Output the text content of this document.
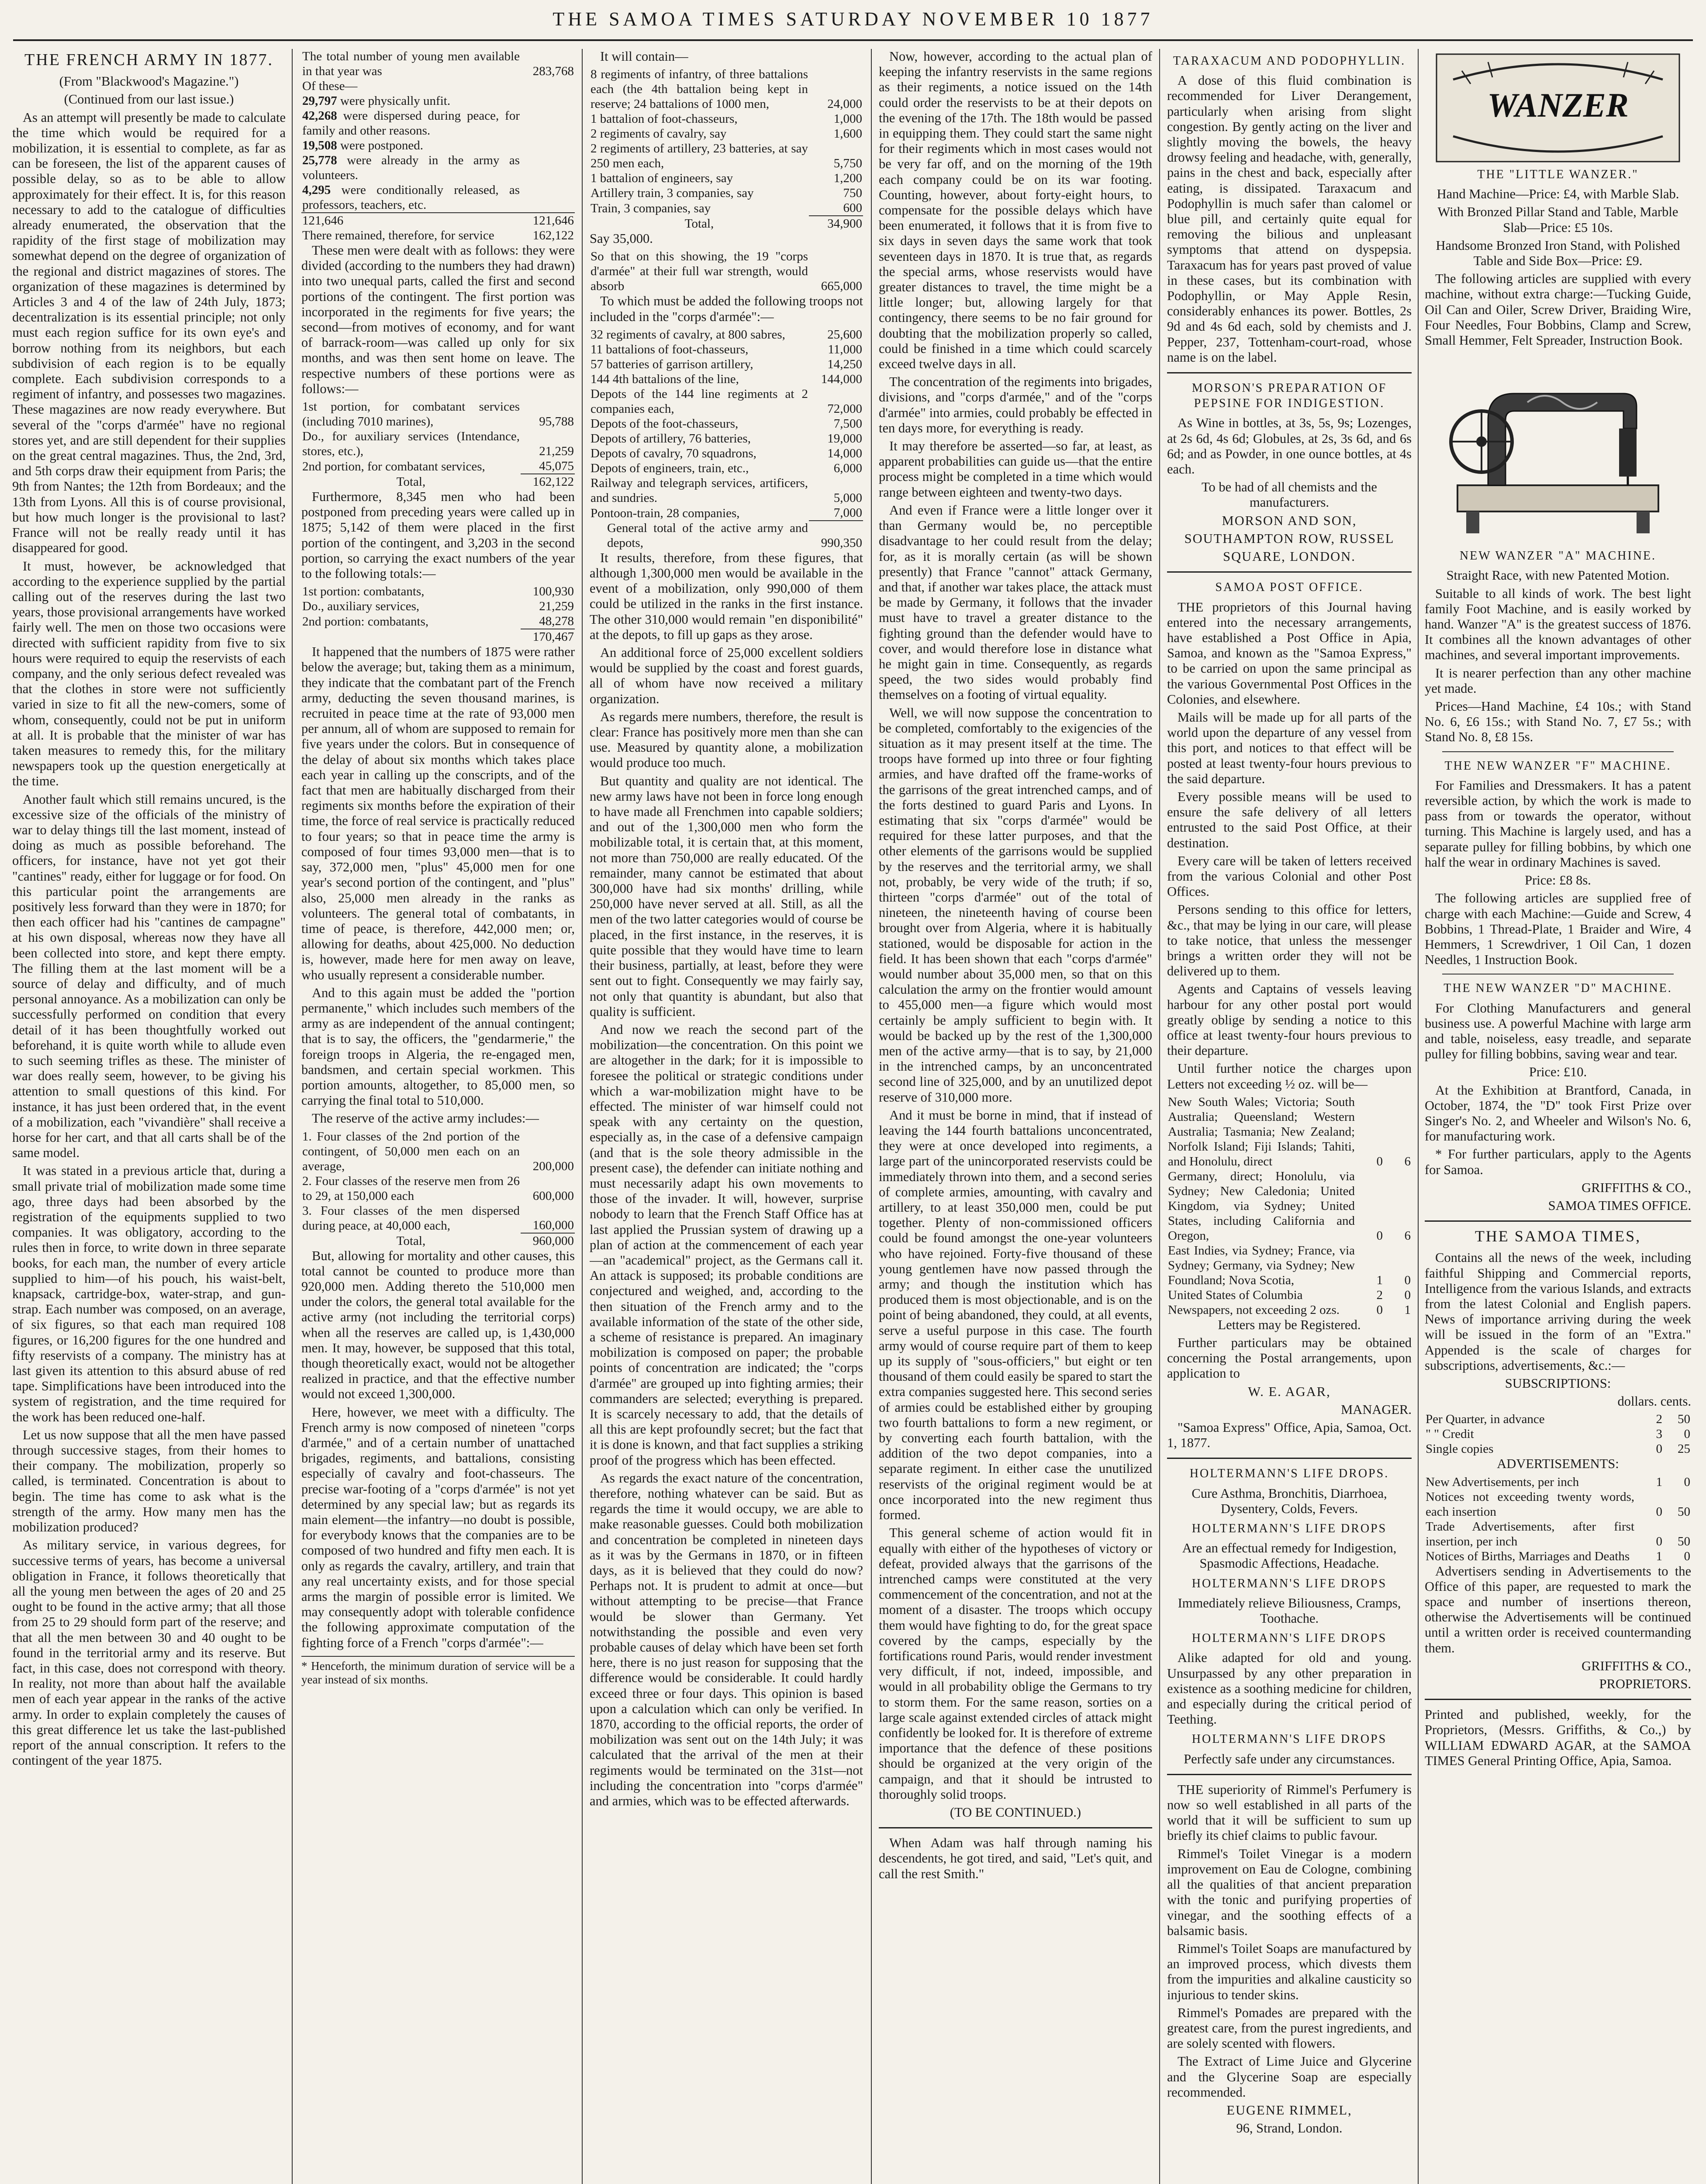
THE SAMOA TIMES SATURDAY NOVEMBER 10 1877
THE FRENCH ARMY IN 1877.

(From "Blackwood's Magazine.")

(Continued from our last issue.)

As an attempt will presently be made to calculate the time which would be required for a mobilization, it is essential to complete, as far as can be foreseen, the list of the apparent causes of possible delay, so as to be able to allow approximately for their effect. It is, for this reason necessary to add to the catalogue of difficulties already enumerated, the observation that the rapidity of the first stage of mobilization may somewhat depend on the degree of organization of the regional and district magazines of stores. The organization of these magazines is determined by Articles 3 and 4 of the law of 24th July, 1873; decentralization is its essential principle; not only must each region suffice for its own eye's and borrow nothing from its neighbors, but each subdivision of each region is to be equally complete. Each subdivision corresponds to a regiment of infantry, and possesses two magazines. These magazines are now ready everywhere. But several of the "corps d'armée" have no regional stores yet, and are still dependent for their supplies on the great central magazines. Thus, the 2nd, 3rd, and 5th corps draw their equipment from Paris; the 9th from Nantes; the 12th from Bordeaux; and the 13th from Lyons. All this is of course provisional, but how much longer is the provisional to last? France will not be really ready until it has disappeared for good.

It must, however, be acknowledged that according to the experience supplied by the partial calling out of the reserves during the last two years, those provisional arrangements have worked fairly well. The men on those two occasions were directed with sufficient rapidity from five to six hours were required to equip the reservists of each company, and the only serious defect revealed was that the clothes in store were not sufficiently varied in size to fit all the new-comers, some of whom, consequently, could not be put in uniform at all. It is probable that the minister of war has taken measures to remedy this, for the military newspapers took up the question energetically at the time.

Another fault which still remains uncured, is the excessive size of the officials of the ministry of war to delay things till the last moment, instead of doing as much as possible beforehand. The officers, for instance, have not yet got their "cantines" ready, either for luggage or for food. On this particular point the arrangements are positively less forward than they were in 1870; for then each officer had his "cantines de campagne" at his own disposal, whereas now they have all been collected into store, and kept there empty. The filling them at the last moment will be a source of delay and difficulty, and of much personal annoyance. As a mobilization can only be successfully performed on condition that every detail of it has been thoughtfully worked out beforehand, it is quite worth while to allude even to such seeming trifles as these. The minister of war does really seem, however, to be giving his attention to small questions of this kind. For instance, it has just been ordered that, in the event of a mobilization, each "vivandière" shall receive a horse for her cart, and that all carts shall be of the same model.

It was stated in a previous article that, during a small private trial of mobilization made some time ago, three days had been absorbed by the registration of the equipments supplied to two companies. It was obligatory, according to the rules then in force, to write down in three separate books, for each man, the number of every article supplied to him—of his pouch, his waist-belt, knapsack, cartridge-box, water-strap, and gun-strap. Each number was composed, on an average, of six figures, so that each man required 108 figures, or 16,200 figures for the one hundred and fifty reservists of a company. The ministry has at last given its attention to this absurd abuse of red tape. Simplifications have been introduced into the system of registration, and the time required for the work has been reduced one-half.

Let us now suppose that all the men have passed through successive stages, from their homes to their company. The mobilization, properly so called, is terminated. Concentration is about to begin. The time has come to ask what is the strength of the army. How many men has the mobilization produced?

As military service, in various degrees, for successive terms of years, has become a universal obligation in France, it follows theoretically that all the young men between the ages of 20 and 25 ought to be found in the active army; that all those from 25 to 29 should form part of the reserve; and that all the men between 30 and 40 ought to be found in the territorial army and its reserve. But fact, in this case, does not correspond with theory. In reality, not more than about half the available men of each year appear in the ranks of the active army. In order to explain completely the causes of this great difference let us take the last-published report of the annual conscription. It refers to the contingent of the year 1875.

The total number of young men available in that year was	283,768
Of these—	
29,797 were physically unfit.	
42,268 were dispersed during peace, for family and other reasons.	
19,508 were postponed.	
25,778 were already in the army as volunteers.	
4,295 were conditionally released, as professors, teachers, etc.	
121,646	121,646
There remained, therefore, for service	162,122

These men were dealt with as follows: they were divided (according to the numbers they had drawn) into two unequal parts, called the first and second portions of the contingent. The first portion was incorporated in the regiments for five years; the second—from motives of economy, and for want of barrack-room—was called up only for six months, and was then sent home on leave. The respective numbers of these portions were as follows:—

1st portion, for combatant services (including 7010 marines),	95,788
Do., for auxiliary services (Intendance, stores, etc.),	21,259
2nd portion, for combatant services,	45,075
Total,	162,122

Furthermore, 8,345 men who had been postponed from preceding years were called up in 1875; 5,142 of them were placed in the first portion of the contingent, and 3,203 in the second portion, so carrying the exact numbers of the year to the following totals:—

1st portion: combatants,	100,930
Do., auxiliary services,	21,259
2nd portion: combatants,	48,278
	170,467

It happened that the numbers of 1875 were rather below the average; but, taking them as a minimum, they indicate that the combatant part of the French army, deducting the seven thousand marines, is recruited in peace time at the rate of 93,000 men per annum, all of whom are supposed to remain for five years under the colors. But in consequence of the delay of about six months which takes place each year in calling up the conscripts, and of the fact that men are habitually discharged from their regiments six months before the expiration of their time, the force of real service is practically reduced to four years; so that in peace time the army is composed of four times 93,000 men—that is to say, 372,000 men, "plus" 45,000 men for one year's second portion of the contingent, and "plus" also, 25,000 men already in the ranks as volunteers. The general total of combatants, in time of peace, is therefore, 442,000 men; or, allowing for deaths, about 425,000. No deduction is, however, made here for men away on leave, who usually represent a considerable number.

And to this again must be added the "portion permanente," which includes such members of the army as are independent of the annual contingent; that is to say, the officers, the "gendarmerie," the foreign troops in Algeria, the re-engaged men, bandsmen, and certain special workmen. This portion amounts, altogether, to 85,000 men, so carrying the final total to 510,000.

The reserve of the active army includes:—

1. Four classes of the 2nd portion of the contingent, of 50,000 men each on an average,	200,000
2. Four classes of the reserve men from 26 to 29, at 150,000 each	600,000
3. Four classes of the men dispersed during peace, at 40,000 each,	160,000
Total,	960,000

But, allowing for mortality and other causes, this total cannot be counted to produce more than 920,000 men. Adding thereto the 510,000 men under the colors, the general total available for the active army (not including the territorial corps) when all the reserves are called up, is 1,430,000 men. It may, however, be supposed that this total, though theoretically exact, would not be altogether realized in practice, and that the effective number would not exceed 1,300,000.

Here, however, we meet with a difficulty. The French army is now composed of nineteen "corps d'armée," and of a certain number of unattached brigades, regiments, and battalions, consisting especially of cavalry and foot-chasseurs. The precise war-footing of a "corps d'armée" is not yet determined by any special law; but as regards its main element—the infantry—no doubt is possible, for everybody knows that the companies are to be composed of two hundred and fifty men each. It is only as regards the cavalry, artillery, and train that any real uncertainty exists, and for those special arms the margin of possible error is limited. We may consequently adopt with tolerable confidence the following approximate computation of the fighting force of a French "corps d'armée":—

* Henceforth, the minimum duration of service will be a year instead of six months.

It will contain—

8 regiments of infantry, of three battalions each (the 4th battalion being kept in reserve; 24 battalions of 1000 men,	24,000
1 battalion of foot-chasseurs,	1,000
2 regiments of cavalry, say	1,600
2 regiments of artillery, 23 batteries, at say 250 men each,	5,750
1 battalion of engineers, say	1,200
Artillery train, 3 companies, say	750
Train, 3 companies, say	600
Total,	34,900

Say 35,000.

So that on this showing, the 19 "corps d'armée" at their full war strength, would absorb	665,000

To which must be added the following troops not included in the "corps d'armée":—

32 regiments of cavalry, at 800 sabres,	25,600
11 battalions of foot-chasseurs,	11,000
57 batteries of garrison artillery,	14,250
144 4th battalions of the line,	144,000
Depots of the 144 line regiments at 2 companies each,	72,000
Depots of the foot-chasseurs,	7,500
Depots of artillery, 76 batteries,	19,000
Depots of cavalry, 70 squadrons,	14,000
Depots of engineers, train, etc.,	6,000
Railway and telegraph services, artificers, and sundries.	5,000
Pontoon-train, 28 companies,	7,000
General total of the active army and depots,	990,350

It results, therefore, from these figures, that although 1,300,000 men would be available in the event of a mobilization, only 990,000 of them could be utilized in the ranks in the first instance. The other 310,000 would remain "en disponibilité" at the depots, to fill up gaps as they arose.

An additional force of 25,000 excellent soldiers would be supplied by the coast and forest guards, all of whom have now received a military organization.

As regards mere numbers, therefore, the result is clear: France has positively more men than she can use. Measured by quantity alone, a mobilization would produce too much.

But quantity and quality are not identical. The new army laws have not been in force long enough to have made all Frenchmen into capable soldiers; and out of the 1,300,000 men who form the mobilizable total, it is certain that, at this moment, not more than 750,000 are really educated. Of the remainder, many cannot be estimated that about 300,000 have had six months' drilling, while 250,000 have never served at all. Still, as all the men of the two latter categories would of course be placed, in the first instance, in the reserves, it is quite possible that they would have time to learn their business, partially, at least, before they were sent out to fight. Consequently we may fairly say, not only that quantity is abundant, but also that quality is sufficient.

And now we reach the second part of the mobilization—the concentration. On this point we are altogether in the dark; for it is impossible to foresee the political or strategic conditions under which a war-mobilization might have to be effected. The minister of war himself could not speak with any certainty on the question, especially as, in the case of a defensive campaign (and that is the sole theory admissible in the present case), the defender can initiate nothing and must necessarily adapt his own movements to those of the invader. It will, however, surprise nobody to learn that the French Staff Office has at last applied the Prussian system of drawing up a plan of action at the commencement of each year—an "academical" project, as the Germans call it. An attack is supposed; its probable conditions are conjectured and weighed, and, according to the then situation of the French army and to the available information of the state of the other side, a scheme of resistance is prepared. An imaginary mobilization is composed on paper; the probable points of concentration are indicated; the "corps d'armée" are grouped up into fighting armies; their commanders are selected; everything is prepared. It is scarcely necessary to add, that the details of all this are kept profoundly secret; but the fact that it is done is known, and that fact supplies a striking proof of the progress which has been effected.

As regards the exact nature of the concentration, therefore, nothing whatever can be said. But as regards the time it would occupy, we are able to make reasonable guesses. Could both mobilization and concentration be completed in nineteen days as it was by the Germans in 1870, or in fifteen days, as it is believed that they could do now? Perhaps not. It is prudent to admit at once—but without attempting to be precise—that France would be slower than Germany. Yet notwithstanding the possible and even very probable causes of delay which have been set forth here, there is no just reason for supposing that the difference would be considerable. It could hardly exceed three or four days. This opinion is based upon a calculation which can only be verified. In 1870, according to the official reports, the order of mobilization was sent out on the 14th July; it was calculated that the arrival of the men at their regiments would be terminated on the 31st—not including the concentration into "corps d'armée" and armies, which was to be effected afterwards.

Now, however, according to the actual plan of keeping the infantry reservists in the same regions as their regiments, a notice issued on the 14th could order the reservists to be at their depots on the evening of the 17th. The 18th would be passed in equipping them. They could start the same night for their regiments which in most cases would not be very far off, and on the morning of the 19th each company could be on its war footing. Counting, however, about forty-eight hours, to compensate for the possible delays which have been enumerated, it follows that it is from five to six days in seven days the same work that took seventeen days in 1870. It is true that, as regards the special arms, whose reservists would have greater distances to travel, the time might be a little longer; but, allowing largely for that contingency, there seems to be no fair ground for doubting that the mobilization properly so called, could be finished in a time which could scarcely exceed twelve days in all.

The concentration of the regiments into brigades, divisions, and "corps d'armée," and of the "corps d'armée" into armies, could probably be effected in ten days more, for everything is ready.

It may therefore be asserted—so far, at least, as apparent probabilities can guide us—that the entire process might be completed in a time which would range between eighteen and twenty-two days.

And even if France were a little longer over it than Germany would be, no perceptible disadvantage to her could result from the delay; for, as it is morally certain (as will be shown presently) that France "cannot" attack Germany, and that, if another war takes place, the attack must be made by Germany, it follows that the invader must have to travel a greater distance to the fighting ground than the defender would have to cover, and would therefore lose in distance what he might gain in time. Consequently, as regards speed, the two sides would probably find themselves on a footing of virtual equality.

Well, we will now suppose the concentration to be completed, comfortably to the exigencies of the situation as it may present itself at the time. The troops have formed up into three or four fighting armies, and have drafted off the frame-works of the garrisons of the great intrenched camps, and of the forts destined to guard Paris and Lyons. In estimating that six "corps d'armée" would be required for these latter purposes, and that the other elements of the garrisons would be supplied by the reserves and the territorial army, we shall not, probably, be very wide of the truth; if so, thirteen "corps d'armée" out of the total of nineteen, the nineteenth having of course been brought over from Algeria, where it is habitually stationed, would be disposable for action in the field. It has been shown that each "corps d'armée" would number about 35,000 men, so that on this calculation the army on the frontier would amount to 455,000 men—a figure which would most certainly be amply sufficient to begin with. It would be backed up by the rest of the 1,300,000 men of the active army—that is to say, by 21,000 in the intrenched camps, by an unconcentrated second line of 325,000, and by an unutilized depot reserve of 310,000 more.

And it must be borne in mind, that if instead of leaving the 144 fourth battalions unconcentrated, they were at once developed into regiments, a large part of the unincorporated reservists could be immediately thrown into them, and a second series of complete armies, amounting, with cavalry and artillery, to at least 350,000 men, could be put together. Plenty of non-commissioned officers could be found amongst the one-year volunteers who have rejoined. Forty-five thousand of these young gentlemen have now passed through the army; and though the institution which has produced them is most objectionable, and is on the point of being abandoned, they could, at all events, serve a useful purpose in this case. The fourth army would of course require part of them to keep up its supply of "sous-officiers," but eight or ten thousand of them could easily be spared to start the extra companies suggested here. This second series of armies could be established either by grouping two fourth battalions to form a new regiment, or by converting each fourth battalion, with the addition of the two depot companies, into a separate regiment. In either case the unutilized reservists of the original regiment would be at once incorporated into the new regiment thus formed.

This general scheme of action would fit in equally with either of the hypotheses of victory or defeat, provided always that the garrisons of the intrenched camps were constituted at the very commencement of the concentration, and not at the moment of a disaster. The troops which occupy them would have fighting to do, for the great space covered by the camps, especially by the fortifications round Paris, would render investment very difficult, if not, indeed, impossible, and would in all probability oblige the Germans to try to storm them. For the same reason, sorties on a large scale against extended circles of attack might confidently be looked for. It is therefore of extreme importance that the defence of these positions should be organized at the very origin of the campaign, and that it should be intrusted to thoroughly solid troops.

(TO BE CONTINUED.)

When Adam was half through naming his descendents, he got tired, and said, "Let's quit, and call the rest Smith."

TARAXACUM AND PODOPHYLLIN.

A dose of this fluid combination is recommended for Liver Derangement, particularly when arising from slight congestion. By gently acting on the liver and slightly moving the bowels, the heavy drowsy feeling and headache, with, generally, pains in the chest and back, especially after eating, is dissipated. Taraxacum and Podophyllin is much safer than calomel or blue pill, and certainly quite equal for removing the bilious and unpleasant symptoms that attend on dyspepsia. Taraxacum has for years past proved of value in these cases, but its combination with Podophyllin, or May Apple Resin, considerably enhances its power. Bottles, 2s 9d and 4s 6d each, sold by chemists and J. Pepper, 237, Tottenham-court-road, whose name is on the label.

MORSON'S PREPARATION OF PEPSINE FOR INDIGESTION.

As Wine in bottles, at 3s, 5s, 9s; Lozenges, at 2s 6d, 4s 6d; Globules, at 2s, 3s 6d, and 6s 6d; and as Powder, in one ounce bottles, at 4s each.

To be had of all chemists and the manufacturers.

MORSON AND SON,

SOUTHAMPTON ROW, RUSSEL

SQUARE, LONDON.

SAMOA POST OFFICE.

THE proprietors of this Journal having entered into the necessary arrangements, have established a Post Office in Apia, Samoa, and known as the "Samoa Express," to be carried on upon the same principal as the various Governmental Post Offices in the Colonies, and elsewhere.

Mails will be made up for all parts of the world upon the departure of any vessel from this port, and notices to that effect will be posted at least twenty-four hours previous to the said departure.

Every possible means will be used to ensure the safe delivery of all letters entrusted to the said Post Office, at their destination.

Every care will be taken of letters received from the various Colonial and other Post Offices.

Persons sending to this office for letters, &c., that may be lying in our care, will please to take notice, that unless the messenger brings a written order they will not be delivered up to them.

Agents and Captains of vessels leaving harbour for any other postal port would greatly oblige by sending a notice to this office at least twenty-four hours previous to their departure.

Until further notice the charges upon Letters not exceeding ½ oz. will be—

New South Wales; Victoria; South Australia; Queensland; Western Australia; Tasmania; New Zealand; Norfolk Island; Fiji Islands; Tahiti, and Honolulu, direct	0	6
Germany, direct; Honolulu, via Sydney; New Caledonia; United Kingdom, via Sydney; United States, including California and Oregon,	0	6
East Indies, via Sydney; France, via Sydney; Germany, via Sydney; New Foundland; Nova Scotia,	1	0
United States of Columbia	2	0
Newspapers, not exceeding 2 ozs.	0	1

Letters may be Registered.

Further particulars may be obtained concerning the Postal arrangements, upon application to

W. E. AGAR,

MANAGER.

"Samoa Express" Office, Apia, Samoa, Oct. 1, 1877.

HOLTERMANN'S LIFE DROPS.

Cure Asthma, Bronchitis, Diarrhoea, Dysentery, Colds, Fevers.

HOLTERMANN'S LIFE DROPS

Are an effectual remedy for Indigestion, Spasmodic Affections, Headache.

HOLTERMANN'S LIFE DROPS

Immediately relieve Biliousness, Cramps, Toothache.

HOLTERMANN'S LIFE DROPS

Alike adapted for old and young. Unsurpassed by any other preparation in existence as a soothing medicine for children, and especially during the critical period of Teething.

HOLTERMANN'S LIFE DROPS

Perfectly safe under any circumstances.

THE superiority of Rimmel's Perfumery is now so well established in all parts of the world that it will be sufficient to sum up briefly its chief claims to public favour.

Rimmel's Toilet Vinegar is a modern improvement on Eau de Cologne, combining all the qualities of that ancient preparation with the tonic and purifying properties of vinegar, and the soothing effects of a balsamic basis.

Rimmel's Toilet Soaps are manufactured by an improved process, which divests them from the impurities and alkaline causticity so injurious to tender skins.

Rimmel's Pomades are prepared with the greatest care, from the purest ingredients, and are solely scented with flowers.

The Extract of Lime Juice and Glycerine and the Glycerine Soap are especially recommended.

EUGENE RIMMEL,

96, Strand, London.

WANZER
THE "LITTLE WANZER."

Hand Machine—Price: £4, with Marble Slab.

With Bronzed Pillar Stand and Table, Marble Slab—Price: £5 10s.

Handsome Bronzed Iron Stand, with Polished Table and Side Box—Price: £9.

The following articles are supplied with every machine, without extra charge:—Tucking Guide, Oil Can and Oiler, Screw Driver, Braiding Wire, Four Needles, Four Bobbins, Clamp and Screw, Small Hemmer, Felt Spreader, Instruction Book.

NEW WANZER "A" MACHINE.

Straight Race, with new Patented Motion.

Suitable to all kinds of work. The best light family Foot Machine, and is easily worked by hand. Wanzer "A" is the greatest success of 1876. It combines all the known advantages of other machines, and several important improvements.

It is nearer perfection than any other machine yet made.

Prices—Hand Machine, £4 10s.; with Stand No. 6, £6 15s.; with Stand No. 7, £7 5s.; with Stand No. 8, £8 15s.

THE NEW WANZER "F" MACHINE.

For Families and Dressmakers. It has a patent reversible action, by which the work is made to pass from or towards the operator, without turning. This Machine is largely used, and has a separate pulley for filling bobbins, by which one half the wear in ordinary Machines is saved.

Price: £8 8s.

The following articles are supplied free of charge with each Machine:—Guide and Screw, 4 Bobbins, 1 Thread-Plate, 1 Braider and Wire, 4 Hemmers, 1 Screwdriver, 1 Oil Can, 1 dozen Needles, 1 Instruction Book.

THE NEW WANZER "D" MACHINE.

For Clothing Manufacturers and general business use. A powerful Machine with large arm and table, noiseless, easy treadle, and separate pulley for filling bobbins, saving wear and tear.

Price: £10.

At the Exhibition at Brantford, Canada, in October, 1874, the "D" took First Prize over Singer's No. 2, and Wheeler and Wilson's No. 6, for manufacturing work.

* For further particulars, apply to the Agents for Samoa.

GRIFFITHS & CO.,

SAMOA TIMES OFFICE.

THE SAMOA TIMES,

Contains all the news of the week, including faithful Shipping and Commercial reports, Intelligence from the various Islands, and extracts from the latest Colonial and English papers. News of importance arriving during the week will be issued in the form of an "Extra." Appended is the scale of charges for subscriptions, advertisements, &c.:—

SUBSCRIPTIONS:

dollars. cents.

Per Quarter, in advance	2	50
" " Credit	3	0
Single copies	0	25

ADVERTISEMENTS:

New Advertisements, per inch	1	0
Notices not exceeding twenty words, each insertion	0	50
Trade Advertisements, after first insertion, per inch	0	50
Notices of Births, Marriages and Deaths	1	0

Advertisers sending in Advertisements to the Office of this paper, are requested to mark the space and number of insertions thereon, otherwise the Advertisements will be continued until a written order is received countermanding them.

GRIFFITHS & CO.,

PROPRIETORS.

Printed and published, weekly, for the Proprietors, (Messrs. Griffiths, & Co.,) by WILLIAM EDWARD AGAR, at the SAMOA TIMES General Printing Office, Apia, Samoa.
